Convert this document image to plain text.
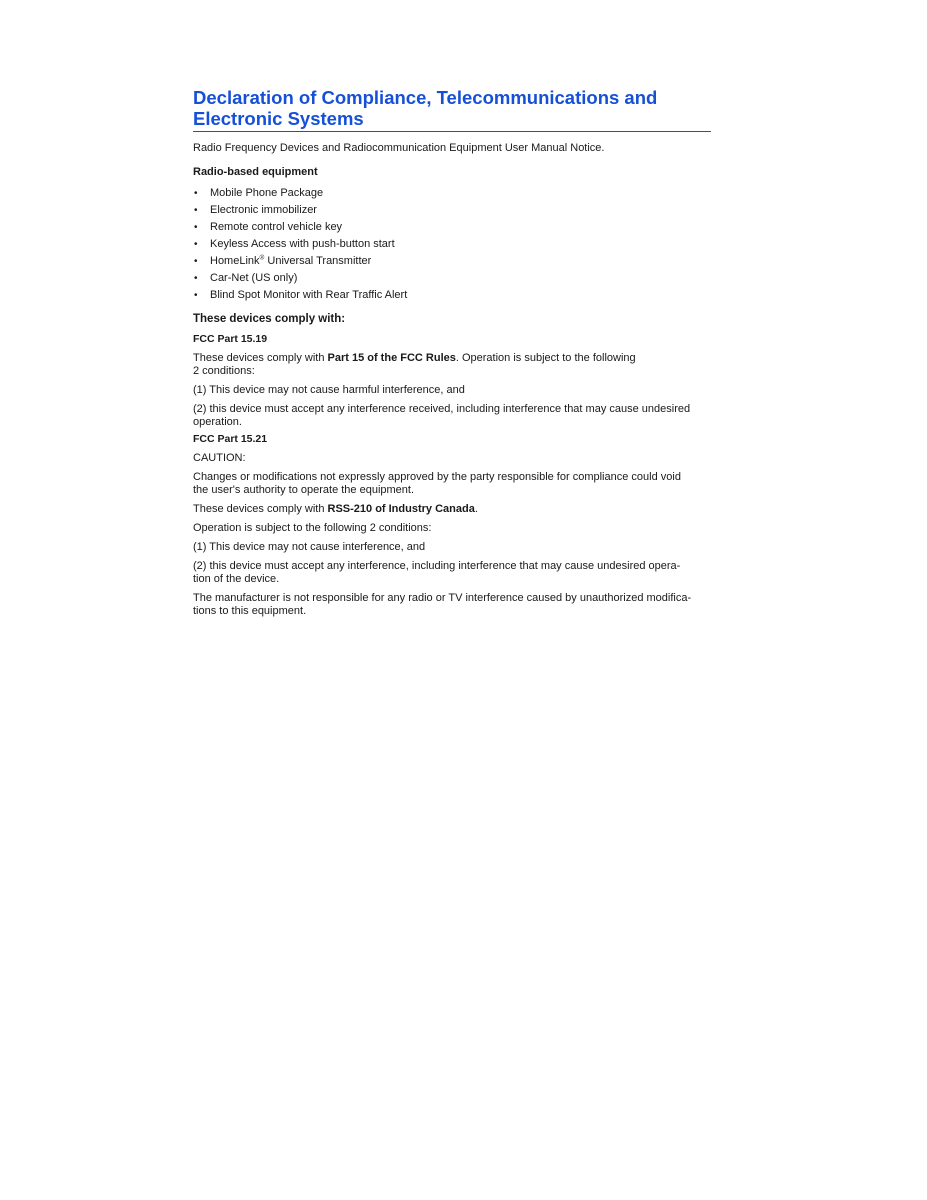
Declaration of Compliance, Telecommunications and
Electronic Systems

Radio Frequency Devices and Radiocommunication Equipment User Manual Notice.

Radio-based equipment

• Mobile Phone Package
• Electronic immobilizer
• Remote control vehicle key
• Keyless Access with push-button start
• HomeLink® Universal Transmitter
• Car-Net (US only)
• Blind Spot Monitor with Rear Traffic Alert

These devices comply with:

FCC Part 15.19

These devices comply with Part 15 of the FCC Rules. Operation is subject to the following
2 conditions:

(1) This device may not cause harmful interference, and

(2) this device must accept any interference received, including interference that may cause undesired
operation.

FCC Part 15.21

CAUTION:

Changes or modifications not expressly approved by the party responsible for compliance could void
the user's authority to operate the equipment.

These devices comply with RSS-210 of Industry Canada.

Operation is subject to the following 2 conditions:

(1) This device may not cause interference, and

(2) this device must accept any interference, including interference that may cause undesired opera-
tion of the device.

The manufacturer is not responsible for any radio or TV interference caused by unauthorized modifica-
tions to this equipment.
